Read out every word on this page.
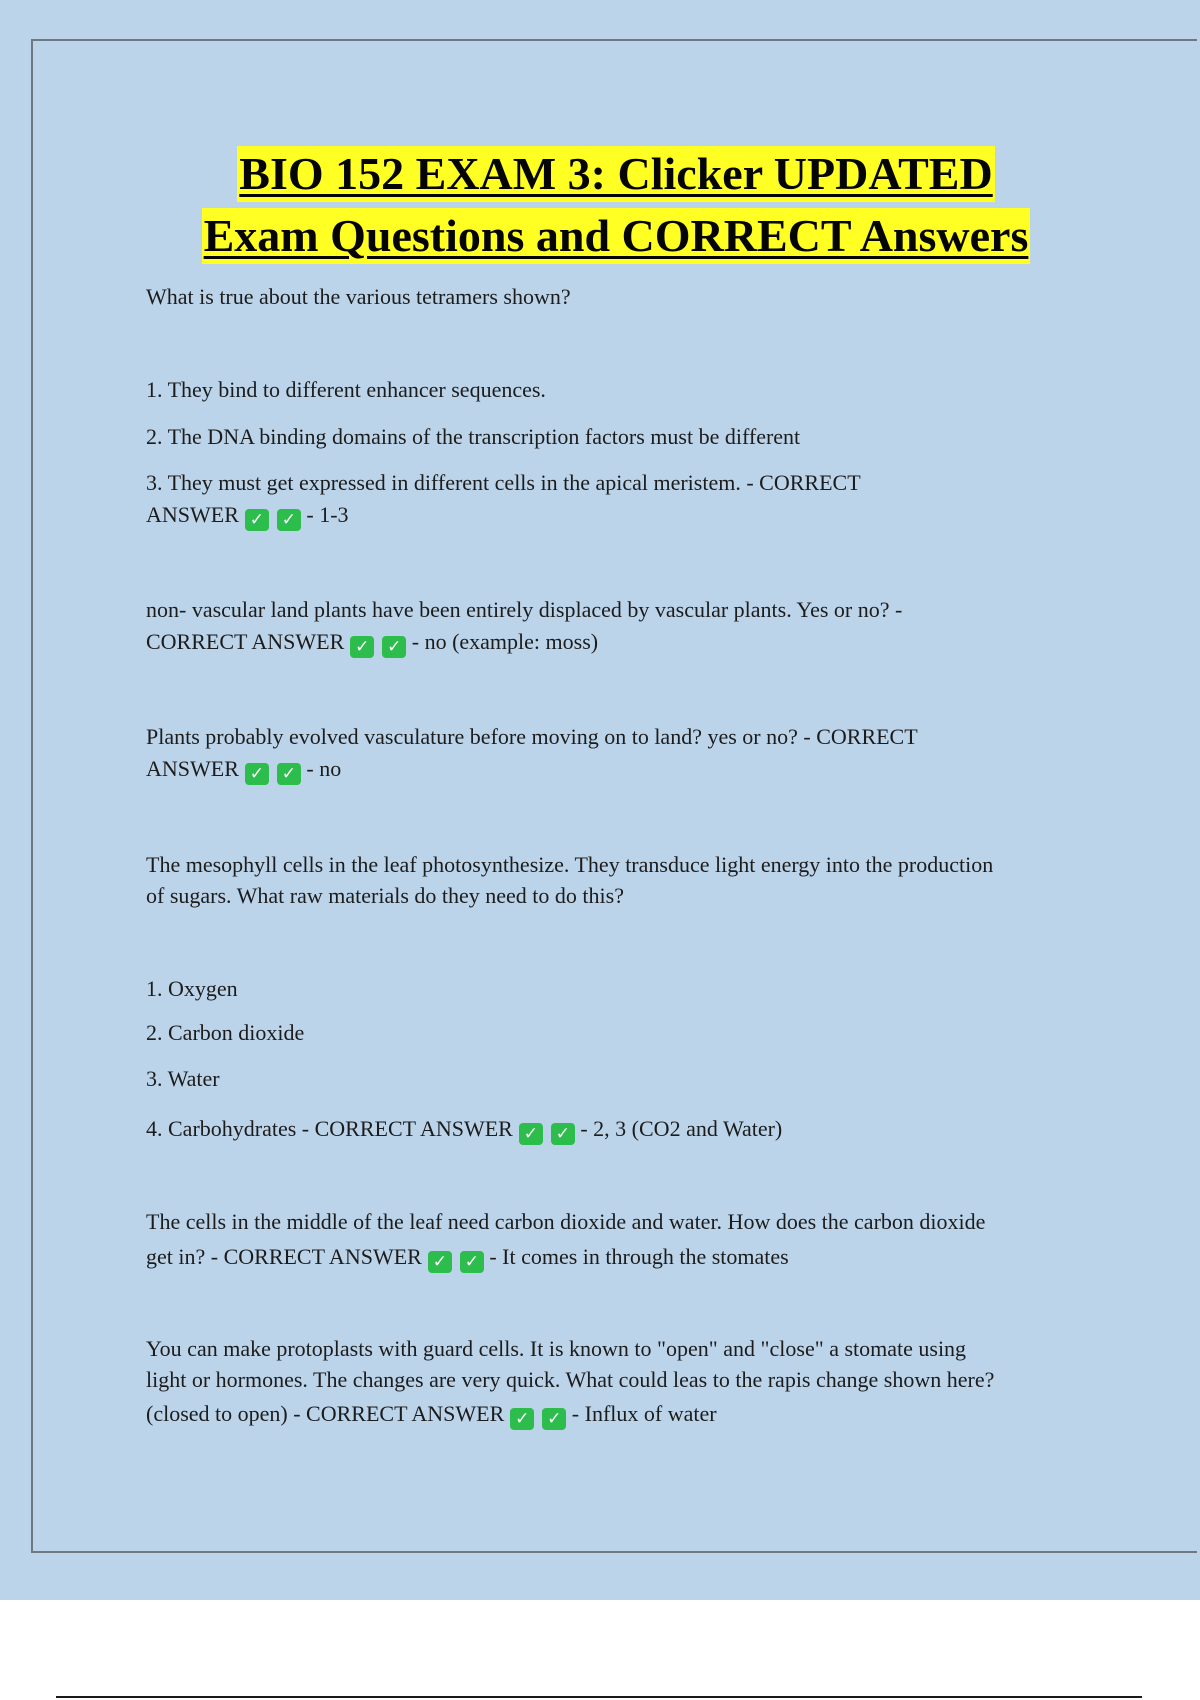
BIO 152 EXAM 3: Clicker UPDATED
Exam Questions and CORRECT Answers
What is true about the various tetramers shown?
1. They bind to different enhancer sequences.
2. The DNA binding domains of the transcription factors must be different
3. They must get expressed in different cells in the apical meristem. - CORRECT
ANSWER ✓ ✓ - 1-3
non- vascular land plants have been entirely displaced by vascular plants. Yes or no? -
CORRECT ANSWER ✓ ✓ - no (example: moss)
Plants probably evolved vasculature before moving on to land? yes or no? - CORRECT
ANSWER ✓ ✓ - no
The mesophyll cells in the leaf photosynthesize. They transduce light energy into the production
of sugars. What raw materials do they need to do this?
1. Oxygen
2. Carbon dioxide
3. Water
4. Carbohydrates - CORRECT ANSWER ✓ ✓ - 2, 3 (CO2 and Water)
The cells in the middle of the leaf need carbon dioxide and water. How does the carbon dioxide
get in? - CORRECT ANSWER ✓ ✓ - It comes in through the stomates
You can make protoplasts with guard cells. It is known to "open" and "close" a stomate using
light or hormones. The changes are very quick. What could leas to the rapis change shown here?
(closed to open) - CORRECT ANSWER ✓ ✓ - Influx of water
